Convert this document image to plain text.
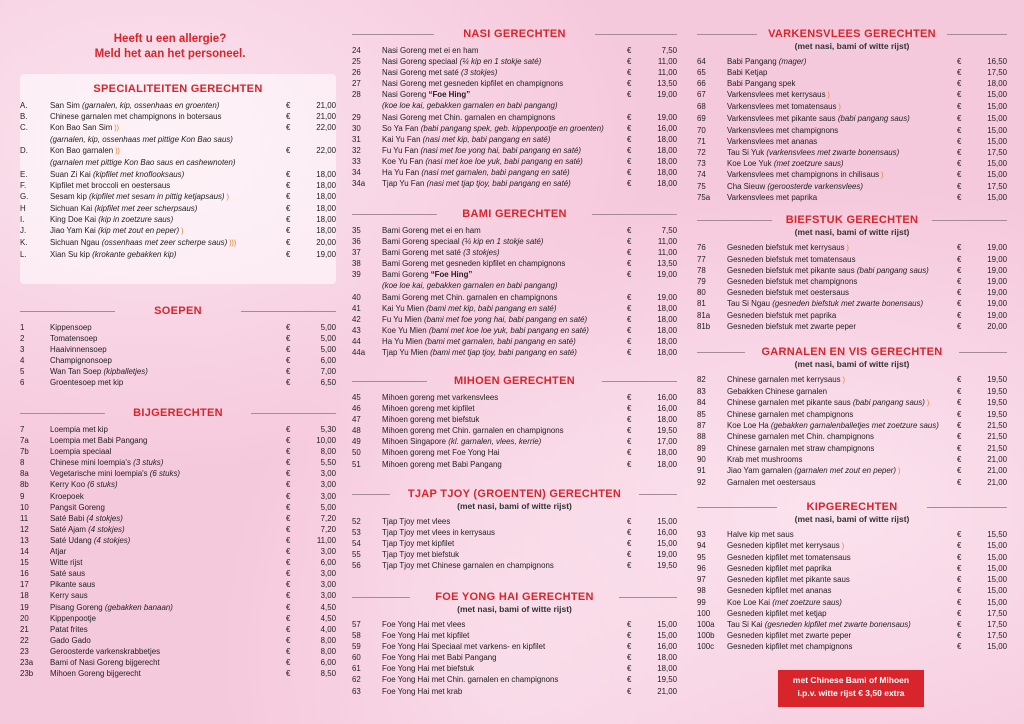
Heeft u een allergie?
Meld het aan het personeel.
SPECIALITEITEN GERECHTEN
A.	San Sim (garnalen, kip, ossenhaas en groenten)	€	21,00
B.	Chinese garnalen met champignons in botersaus	€	21,00
C.	Kon Bao San Sim ))	€	22,00
(garnalen, kip, ossenhaas met pittige Kon Bao saus)
D.	Kon Bao garnalen ))	€	22,00
(garnalen met pittige Kon Bao saus en cashewnoten)
E.	Suan Zi Kai (kipfilet met knoflooksaus)	€	18,00
F.	Kipfilet met broccoli en oestersaus	€	18,00
G.	Sesam kip (kipfilet met sesam in pittig ketjapsaus) )	€	18,00
H	Sichuan Kai (kipfilet met zeer scherpsaus)	€	18,00
I.	King Doe Kai (kip in zoetzure saus)	€	18,00
J.	Jiao Yam Kai (kip met zout en peper) )	€	18,00
K.	Sichuan Ngau (ossenhaas met zeer scherpe saus) )))	€	20,00
L.	Xian Su kip (krokante gebakken kip)	€	19,00
SOEPEN
1	Kippensoep	€	5,00
2	Tomatensoep	€	5,00
3	Haaivinnensoep	€	5,00
4	Champignonsoep	€	6,00
5	Wan Tan Soep (kipballetjes)	€	7,00
6	Groentesoep met kip	€	6,50
BIJGERECHTEN
7	Loempia met kip	€	5,30
7a	Loempia met Babi Pangang	€	10,00
7b	Loempia speciaal	€	8,00
8	Chinese mini loempia's (3 stuks)	€	5,50
8a	Vegetarische mini loempia's (6 stuks)	€	3,00
8b	Kerry Koo (6 stuks)	€	3,00
9	Kroepoek	€	3,00
10	Pangsit Goreng	€	5,00
11	Saté Babi (4 stokjes)	€	7,20
12	Saté Ajam (4 stokjes)	€	7,20
13	Saté Udang (4 stokjes)	€	11,00
14	Atjar	€	3,00
15	Witte rijst	€	6,00
16	Saté saus	€	3,00
17	Pikante saus	€	3,00
18	Kerry saus	€	3,00
19	Pisang Goreng (gebakken banaan)	€	4,50
20	Kippenpootje	€	4,50
21	Patat frites	€	4,00
22	Gado Gado	€	8,00
23	Geroosterde varkenskrabbetjes	€	8,00
23a	Bami of Nasi Goreng bijgerecht	€	6,00
23b	Mihoen Goreng bijgerecht	€	8,50
NASI GERECHTEN
24	Nasi Goreng met ei en ham	€	7,50
25	Nasi Goreng speciaal (¼ kip en 1 stokje saté)	€	11,00
26	Nasi Goreng met saté (3 stokjes)	€	11,00
27	Nasi Goreng met gesneden kipfilet en champignons	€	13,50
28	Nasi Goreng “Foe Hing”	€	19,00
(koe loe kai, gebakken garnalen en babi pangang)
29	Nasi Goreng met Chin. garnalen en champignons	€	19,00
30	So Ya Fan (babi pangang spek, geb. kippenpootje en groenten)	€	16,00
31	Kai Yu Fan (nasi met kip, babi pangang en saté)	€	18,00
32	Fu Yu Fan (nasi met foe yong hai, babi pangang en saté)	€	18,00
33	Koe Yu Fan (nasi met koe loe yuk, babi pangang en saté)	€	18,00
34	Ha Yu Fan (nasi met garnalen, babi pangang en saté)	€	18,00
34a	Tjap Yu Fan (nasi met tjap tjoy, babi pangang en saté)	€	18,00
BAMI GERECHTEN
35	Bami Goreng met ei en ham	€	7,50
36	Bami Goreng speciaal (¼ kip en 1 stokje saté)	€	11,00
37	Bami Goreng met saté (3 stokjes)	€	11,00
38	Bami Goreng met gesneden kipfilet en champignons	€	13,50
39	Bami Goreng “Foe Hing”	€	19,00
(koe loe kai, gebakken garnalen en babi pangang)
40	Bami Goreng met Chin. garnalen en champignons	€	19,00
41	Kai Yu Mien (bami met kip, babi pangang en saté)	€	18,00
42	Fu Yu Mien (bami met foe yong hai, babi pangang en saté)	€	18,00
43	Koe Yu Mien (bami met koe loe yuk, babi pangang en saté)	€	18,00
44	Ha Yu Mien (bami met garnalen, babi pangang en saté)	€	18,00
44a	Tjap Yu Mien (bami met tjap tjoy, babi pangang en saté)	€	18,00
MIHOEN GERECHTEN
45	Mihoen goreng met varkensvlees	€	16,00
46	Mihoen goreng met kipfilet	€	16,00
47	Mihoen goreng met biefstuk	€	18,00
48	Mihoen goreng met Chin. garnalen en champignons	€	19,50
49	Mihoen Singapore (kl. garnalen, vlees, kerrie)	€	17,00
50	Mihoen goreng met Foe Yong Hai	€	18,00
51	Mihoen goreng met Babi Pangang	€	18,00
TJAP TJOY (GROENTEN) GERECHTEN
(met nasi, bami of witte rijst)
52	Tjap Tjoy met vlees	€	15,00
53	Tjap Tjoy met vlees in kerrysaus	€	16,00
54	Tjap Tjoy met kipfilet	€	15,00
55	Tjap Tjoy met biefstuk	€	19,00
56	Tjap Tjoy met Chinese garnalen en champignons	€	19,50
FOE YONG HAI GERECHTEN
(met nasi, bami of witte rijst)
57	Foe Yong Hai met vlees	€	15,00
58	Foe Yong Hai met kipfilet	€	15,00
59	Foe Yong Hai Speciaal met varkens- en kipfilet	€	16,00
60	Foe Yong Hai met Babi Pangang	€	18,00
61	Foe Yong Hai met biefstuk	€	18,00
62	Foe Yong Hai met Chin. garnalen en champignons	€	19,50
63	Foe Yong Hai met krab	€	21,00
VARKENSVLEES GERECHTEN
(met nasi, bami of witte rijst)
64	Babi Pangang (mager)	€	16,50
65	Babi Ketjap	€	17,50
66	Babi Pangang spek	€	18,00
67	Varkensvlees met kerrysaus )	€	15,00
68	Varkensvlees met tomatensaus )	€	15,00
69	Varkensvlees met pikante saus (babi pangang saus)	€	15,00
70	Varkensvlees met champignons	€	15,00
71	Varkensvlees met ananas	€	15,00
72	Tau Si Yuk (varkensvlees met zwarte bonensaus)	€	17,50
73	Koe Loe Yuk (met zoetzure saus)	€	15,00
74	Varkensvlees met champignons in chilisaus )	€	15,00
75	Cha Sieuw (geroosterde varkensvlees)	€	17,50
75a	Varkensvlees met paprika	€	15,00
BIEFSTUK GERECHTEN
(met nasi, bami of witte rijst)
76	Gesneden biefstuk met kerrysaus )	€	19,00
77	Gesneden biefstuk met tomatensaus	€	19,00
78	Gesneden biefstuk met pikante saus (babi pangang saus)	€	19,00
79	Gesneden biefstuk met champignons	€	19,00
80	Gesneden biefstuk met oestersaus	€	19,00
81	Tau Si Ngau (gesneden biefstuk met zwarte bonensaus)	€	19,00
81a	Gesneden biefstuk met paprika	€	19,00
81b	Gesneden biefstuk met zwarte peper	€	20,00
GARNALEN EN VIS GERECHTEN
(met nasi, bami of witte rijst)
82	Chinese garnalen met kerrysaus )	€	19,50
83	Gebakken Chinese garnalen	€	19,50
84	Chinese garnalen met pikante saus (babi pangang saus) )	€	19,50
85	Chinese garnalen met champignons	€	19,50
87	Koe Loe Ha (gebakken garnalenballetjes met zoetzure saus)	€	21,50
88	Chinese garnalen met Chin. champignons	€	21,50
89	Chinese garnalen met straw champignons	€	21,50
90	Krab met mushrooms	€	21,00
91	Jiao Yam garnalen (garnalen met zout en peper) )	€	21,00
92	Garnalen met oestersaus	€	21,00
KIPGERECHTEN
(met nasi, bami of witte rijst)
93	Halve kip met saus	€	15,50
94	Gesneden kipfilet met kerrysaus )	€	15,00
95	Gesneden kipfilet met tomatensaus	€	15,00
96	Gesneden kipfilet met paprika	€	15,00
97	Gesneden kipfilet met pikante saus	€	15,00
98	Gesneden kipfilet met ananas	€	15,00
99	Koe Loe Kai (met zoetzure saus)	€	15,00
100	Gesneden kipfilet met ketjap	€	17,50
100a	Tau Si Kai (gesneden kipfilet met zwarte bonensaus)	€	17,50
100b	Gesneden kipfilet met zwarte peper	€	17,50
100c	Gesneden kipfilet met champignons	€	15,00
met Chinese Bami of Mihoen
i.p.v. witte rijst € 3,50 extra
